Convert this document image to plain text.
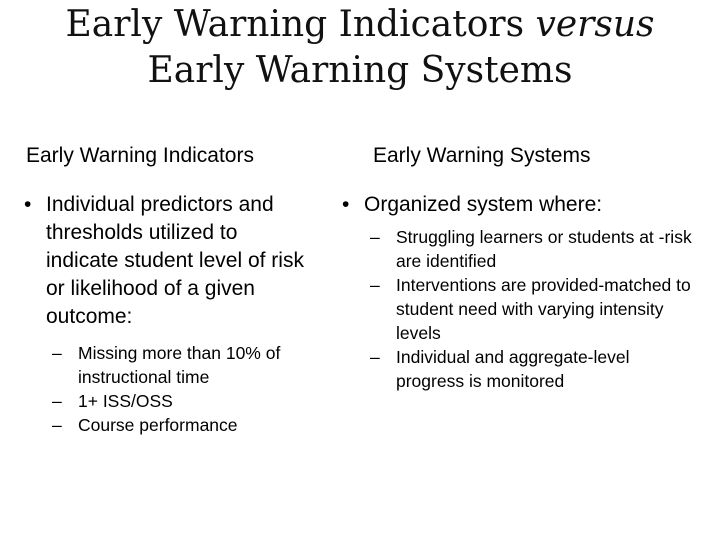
Early Warning Indicators versus
Early Warning Systems
Early Warning Indicators	Early Warning Systems
• Individual predictors and thresholds utilized to indicate student level of risk or likelihood of a given outcome:
– Missing more than 10% of instructional time
– 1+ ISS/OSS
– Course performance
• Organized system where:
– Struggling learners or students at -risk are identified
– Interventions are provided-matched to student need with varying intensity levels
– Individual and aggregate-level progress is monitored
